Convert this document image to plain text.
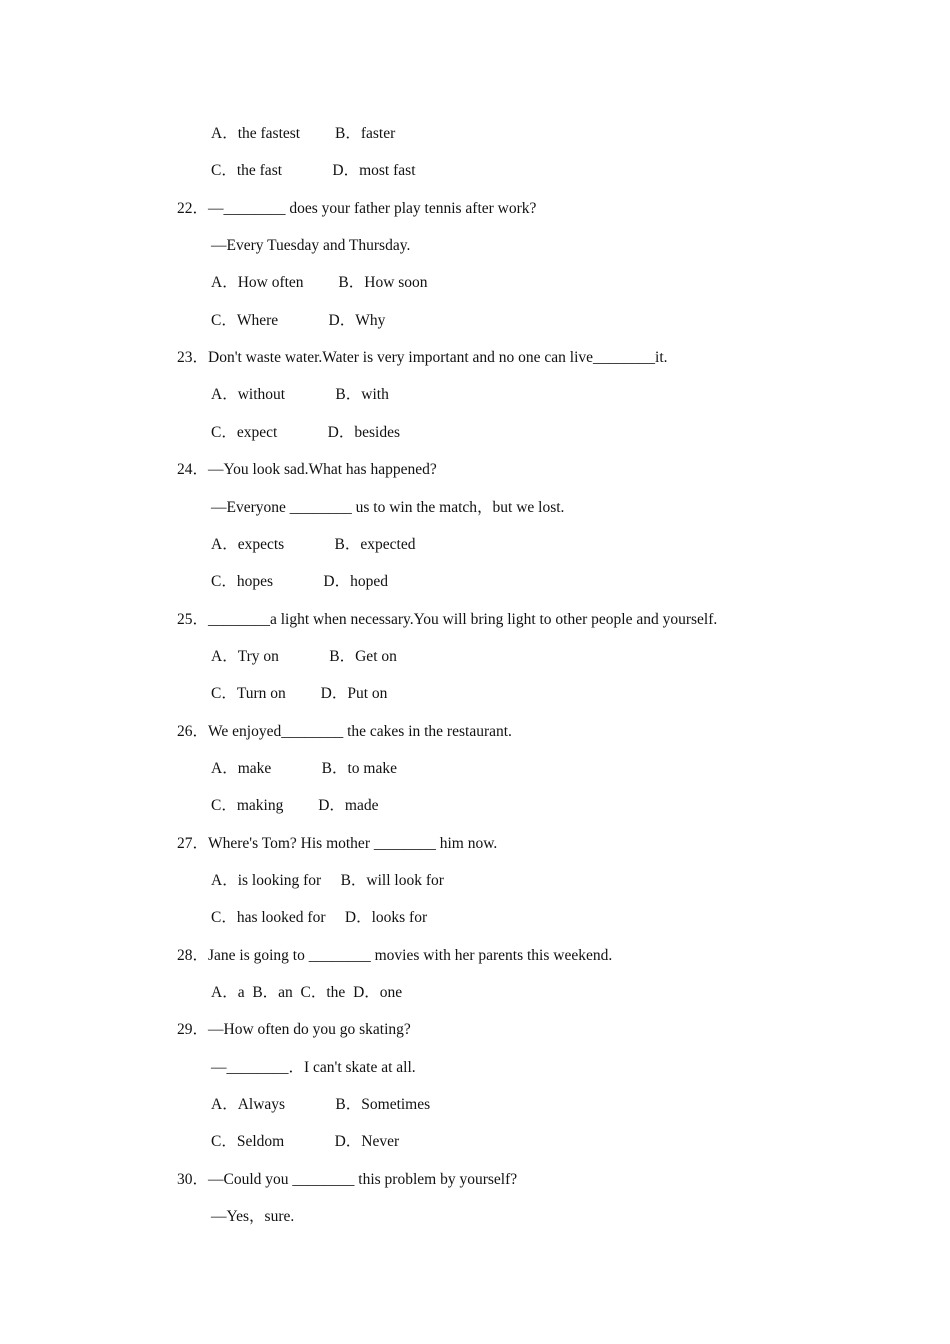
A．the fastest   B．faster
C．the fast    D．most fast
22．—________ does your father play tennis after work?
—Every Tuesday and Thursday.
A．How often   B．How soon
C．Where    D．Why
23．Don't waste water.Water is very important and no one can live________it.
A．without    B．with
C．expect    D．besides
24．—You look sad.What has happened?
—Everyone ________ us to win the match，but we lost.
A．expects    B．expected
C．hopes    D．hoped
25．________a light when necessary.You will bring light to other people and yourself.
A．Try on    B．Get on
C．Turn on   D．Put on
26．We enjoyed________ the cakes in the restaurant.
A．make    B．to make
C．making   D．made
27．Where's Tom? His mother ________ him now.
A．is looking for  B．will look for
C．has looked for  D．looks for
28．Jane is going to ________ movies with her parents this weekend.
A．a  B．an  C．the  D．one
29．—How often do you go skating?
—________．I can't skate at all.
A．Always    B．Sometimes
C．Seldom    D．Never
30．—Could you ________ this problem by yourself?
—Yes，sure.
